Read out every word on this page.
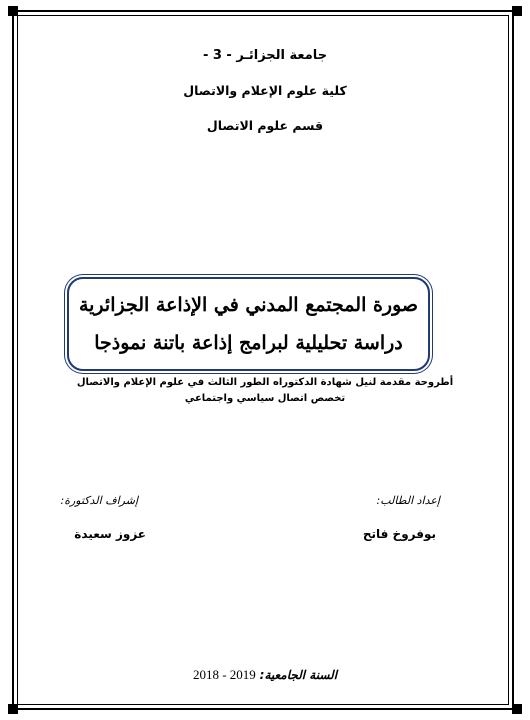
جامعة الجزائـر - 3 -
كلية علوم الإعلام والاتصال
قسم علوم الاتصال
صورة المجتمع المدني في الإذاعة الجزائرية
دراسة تحليلية لبرامج إذاعة باتنة نموذجا
أطروحة مقدمة لنيل شهادة الدكتوراه الطور الثالث في علوم الإعلام والاتصال
تخصص اتصال سياسي واجتماعي
إعداد الطالب:
إشراف الدكتورة:
بوفروخ فاتح
عزوز سعيدة
السنة الجامعية: 2018 - 2019
